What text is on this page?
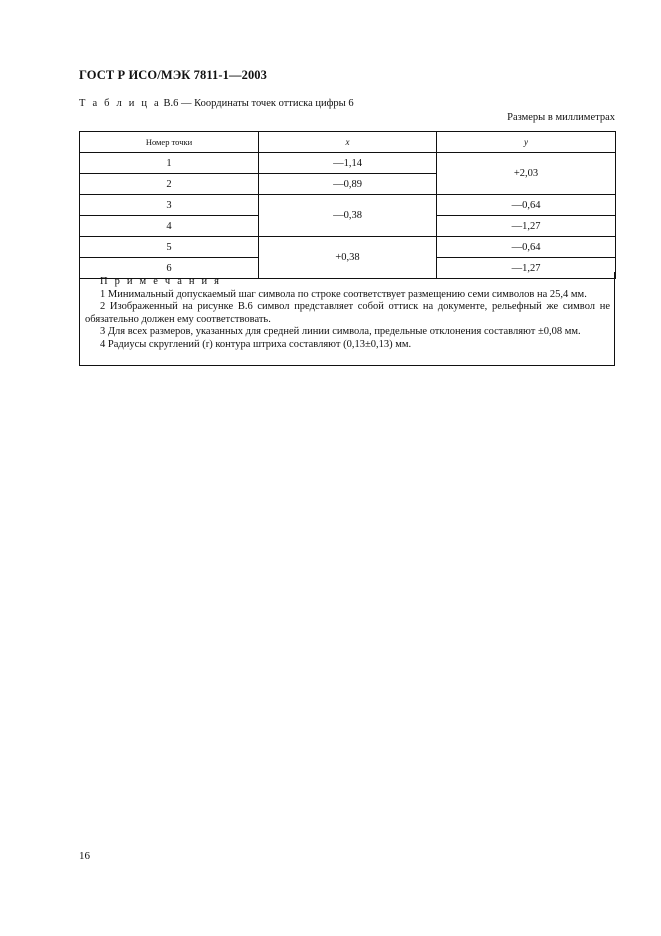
ГОСТ Р ИСО/МЭК 7811-1—2003
Т а б л и ц а В.6 — Координаты точек оттиска цифры 6
Размеры в миллиметрах
Номер точки	x	y
1	—1,14	+2,03
2	—0,89	
3	—0,38	—0,64
4		—1,27
5	+0,38	—0,64
6		—1,27
П р и м е ч а н и я

1 Минимальный допускаемый шаг символа по строке соответствует размещению семи символов на 25,4 мм.

2 Изображенный на рисунке В.6 символ представляет собой оттиск на документе, рельефный же символ не обязательно должен ему соответствовать.

3 Для всех размеров, указанных для средней линии символа, предельные отклонения составляют ±0,08 мм.

4 Радиусы скруглений (r) контура штриха составляют (0,13±0,13) мм.

16
